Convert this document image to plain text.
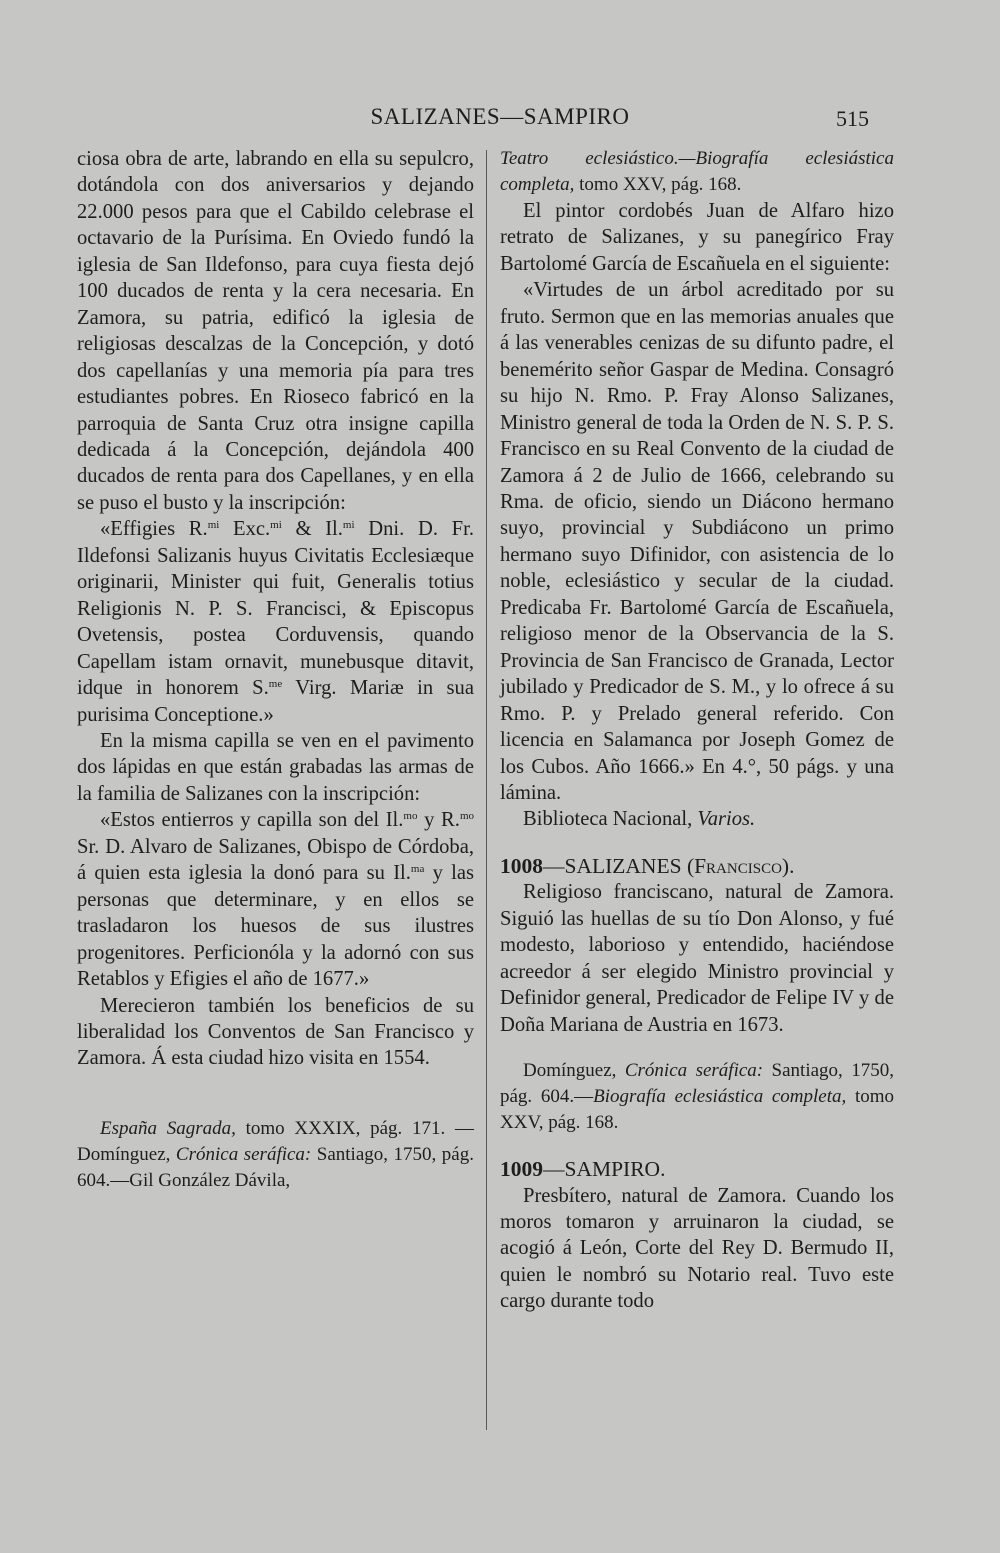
SALIZANES—SAMPIRO	515

ciosa obra de arte, labrando en ella su sepulcro, dotándola con dos aniversarios y dejando 22.000 pesos para que el Cabildo celebrase el octavario de la Purísima. En Oviedo fundó la iglesia de San Ildefonso, para cuya fiesta dejó 100 ducados de renta y la cera necesaria. En Zamora, su patria, edificó la iglesia de religiosas descalzas de la Concepción, y dotó dos capellanías y una memoria pía para tres estudiantes pobres. En Rioseco fabricó en la parroquia de Santa Cruz otra insigne capilla dedicada á la Concepción, dejándola 400 ducados de renta para dos Capellanes, y en ella se puso el busto y la inscripción:

«Effigies R.$^{mi}$ Exc.$^{mi}$ & Il.$^{mi}$ Dni. D. Fr. Ildefonsi Salizanis huyus Civitatis Ecclesiæque originarii, Minister qui fuit, Generalis totius Religionis N. P. S. Francisci, & Episcopus Ovetensis, postea Corduvensis, quando Capellam istam ornavit, munebusque ditavit, idque in honorem S.$^{me}$ Virg. Mariæ in sua purisima Conceptione.»

En la misma capilla se ven en el pavimento dos lápidas en que están grabadas las armas de la familia de Salizanes con la inscripción:

«Estos entierros y capilla son del Il.$^{mo}$ y R.$^{mo}$ Sr. D. Alvaro de Salizanes, Obispo de Córdoba, á quien esta iglesia la donó para su Il.$^{ma}$ y las personas que determinare, y en ellos se trasladaron los huesos de sus ilustres progenitores. Perficionóla y la adornó con sus Retablos y Efigies el año de 1677.»

Merecieron también los beneficios de su liberalidad los Conventos de San Francisco y Zamora. Á esta ciudad hizo visita en 1554.

España Sagrada, tomo XXXIX, pág. 171. —Domínguez, Crónica seráfica: Santiago, 1750, pág. 604.—Gil González Dávila,

Teatro eclesiástico.—Biografía eclesiástica completa, tomo XXV, pág. 168.

El pintor cordobés Juan de Alfaro hizo retrato de Salizanes, y su panegírico Fray Bartolomé García de Escañuela en el siguiente:

«Virtudes de un árbol acreditado por su fruto. Sermon que en las memorias anuales que á las venerables cenizas de su difunto padre, el benemérito señor Gaspar de Medina. Consagró su hijo N. Rmo. P. Fray Alonso Salizanes, Ministro general de toda la Orden de N. S. P. S. Francisco en su Real Convento de la ciudad de Zamora á 2 de Julio de 1666, celebrando su Rma. de oficio, siendo un Diácono hermano suyo, provincial y Subdiácono un primo hermano suyo Difinidor, con asistencia de lo noble, eclesiástico y secular de la ciudad. Predicaba Fr. Bartolomé García de Escañuela, religioso menor de la Observancia de la S. Provincia de San Francisco de Granada, Lector jubilado y Predicador de S. M., y lo ofrece á su Rmo. P. y Prelado general referido. Con licencia en Salamanca por Joseph Gomez de los Cubos. Año 1666.» En 4.°, 50 págs. y una lámina.

Biblioteca Nacional, Varios.

1008—SALIZANES (Francisco).

Religioso franciscano, natural de Zamora. Siguió las huellas de su tío Don Alonso, y fué modesto, laborioso y entendido, haciéndose acreedor á ser elegido Ministro provincial y Definidor general, Predicador de Felipe IV y de Doña Mariana de Austria en 1673.

Domínguez, Crónica seráfica: Santiago, 1750, pág. 604.—Biografía eclesiástica completa, tomo XXV, pág. 168.

1009—SAMPIRO.

Presbítero, natural de Zamora. Cuando los moros tomaron y arruinaron la ciudad, se acogió á León, Corte del Rey D. Bermudo II, quien le nombró su Notario real. Tuvo este cargo durante todo
